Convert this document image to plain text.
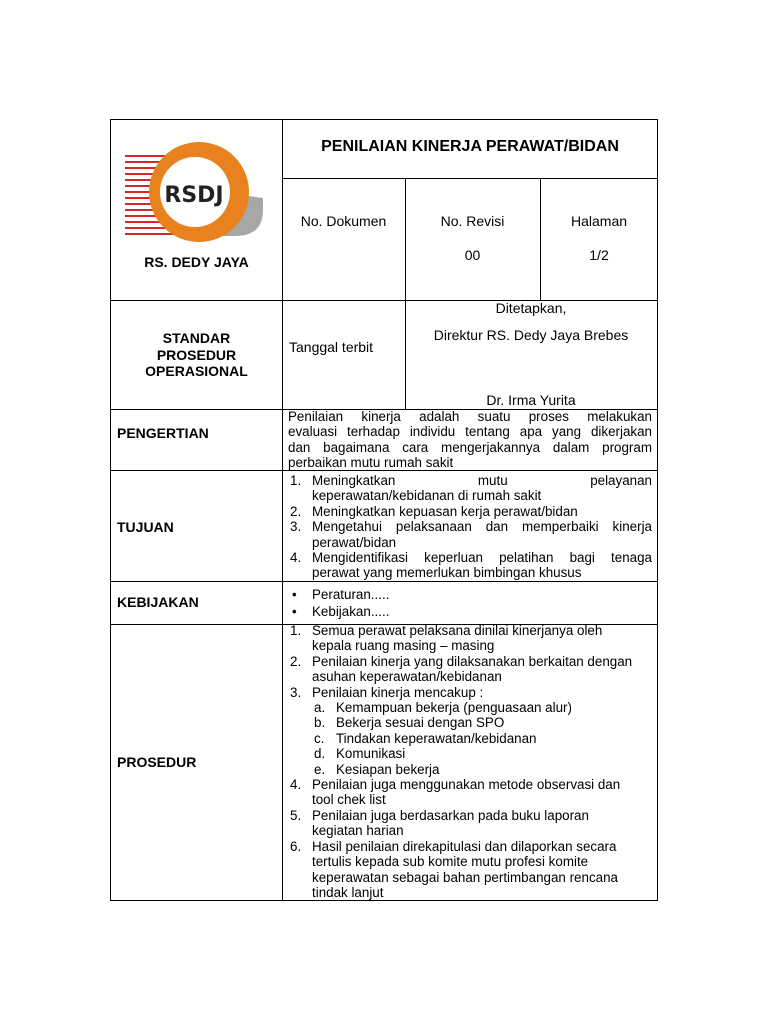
RSDJ
RS. DEDY JAYA
PENILAIAN KINERJA PERAWAT/BIDAN
No. Dokumen	No. Revisi
00
Halaman
1/2
STANDAR
PROSEDUR
OPERASIONAL
Tanggal terbit
Ditetapkan,
Direktur RS. Dedy Jaya Brebes
Dr. Irma Yurita
PENGERTIAN
Penilaian kinerja adalah suatu proses melakukan
evaluasi terhadap individu tentang apa yang dikerjakan
dan bagaimana cara mengerjakannya dalam program
perbaikan mutu rumah sakit
TUJUAN
1. Meningkatkan	mutu	pelayanan
keperawatan/kebidanan di rumah sakit
2. Meningkatkan kepuasan kerja perawat/bidan
3. Mengetahui pelaksanaan dan memperbaiki kinerja
perawat/bidan
4. Mengidentifikasi keperluan pelatihan bagi tenaga
perawat yang memerlukan bimbingan khusus
KEBIJAKAN
•	Peraturan.....
• Kebijakan.....
PROSEDUR
1. Semua perawat pelaksana dinilai kinerjanya oleh
kepala ruang masing – masing
2. Penilaian kinerja yang dilaksanakan berkaitan dengan
asuhan keperawatan/kebidanan
3. Penilaian kinerja mencakup :
a. Kemampuan bekerja (penguasaan alur)
b. Bekerja sesuai dengan SPO
c. Tindakan keperawatan/kebidanan
d. Komunikasi
e. Kesiapan bekerja
4. Penilaian juga menggunakan metode observasi dan
tool chek list
5. Penilaian juga berdasarkan pada buku laporan
kegiatan harian
6. Hasil penilaian direkapitulasi dan dilaporkan secara
tertulis kepada sub komite mutu profesi komite
keperawatan sebagai bahan pertimbangan rencana
tindak lanjut
